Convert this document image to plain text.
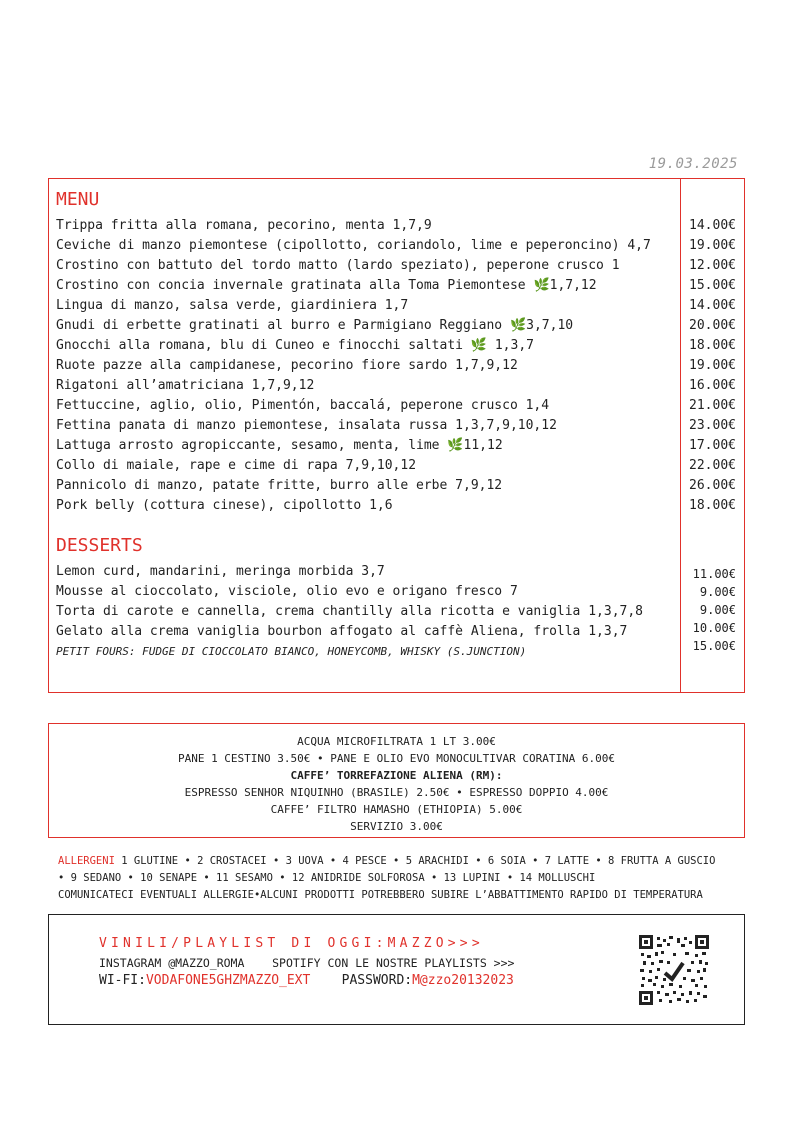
19.03.2025
MENU
Trippa fritta alla romana, pecorino, menta 1,7,9
Ceviche di manzo piemontese (cipollotto, coriandolo, lime e peperoncino) 4,7
Crostino con battuto del tordo matto (lardo speziato), peperone crusco 1
Crostino con concia invernale gratinata alla Toma Piemontese 🌿1,7,12
Lingua di manzo, salsa verde, giardiniera 1,7
Gnudi di erbette gratinati al burro e Parmigiano Reggiano 🌿3,7,10
Gnocchi alla romana, blu di Cuneo e finocchi saltati 🌿 1,3,7
Ruote pazze alla campidanese, pecorino fiore sardo 1,7,9,12
Rigatoni all’amatriciana 1,7,9,12
Fettuccine, aglio, olio, Pimentón, baccalá, peperone crusco 1,4
Fettina panata di manzo piemontese, insalata russa 1,3,7,9,10,12
Lattuga arrosto agropiccante, sesamo, menta, lime 🌿11,12
Collo di maiale, rape e cime di rapa 7,9,10,12
Pannicolo di manzo, patate fritte, burro alle erbe 7,9,12
Pork belly (cottura cinese), cipollotto 1,6
14.00€
19.00€
12.00€
15.00€
14.00€
20.00€
18.00€
19.00€
16.00€
21.00€
23.00€
17.00€
22.00€
26.00€
18.00€
DESSERTS
Lemon curd, mandarini, meringa morbida 3,7
Mousse al cioccolato, visciole, olio evo e origano fresco 7
Torta di carote e cannella, crema chantilly alla ricotta e vaniglia 1,3,7,8
Gelato alla crema vaniglia bourbon affogato al caffè Aliena, frolla 1,3,7
PETIT FOURS: FUDGE DI CIOCCOLATO BIANCO, HONEYCOMB, WHISKY (S.JUNCTION)
11.00€
9.00€
9.00€
10.00€
15.00€
ACQUA MICROFILTRATA 1 LT 3.00€
PANE 1 CESTINO 3.50€ • PANE E OLIO EVO MONOCULTIVAR CORATINA 6.00€
CAFFE’ TORREFAZIONE ALIENA (RM):
ESPRESSO SENHOR NIQUINHO (BRASILE) 2.50€ • ESPRESSO DOPPIO 4.00€
CAFFE’ FILTRO HAMASHO (ETHIOPIA) 5.00€
SERVIZIO 3.00€
ALLERGENI 1 GLUTINE • 2 CROSTACEI • 3 UOVA • 4 PESCE • 5 ARACHIDI • 6 SOIA • 7 LATTE • 8 FRUTTA A GUSCIO
• 9 SEDANO • 10 SENAPE • 11 SESAMO • 12 ANIDRIDE SOLFOROSA • 13 LUPINI • 14 MOLLUSCHI
COMUNICATECI EVENTUALI ALLERGIE•ALCUNI PRODOTTI POTREBBERO SUBIRE L’ABBATTIMENTO RAPIDO DI TEMPERATURA
VINILI/PLAYLIST DI OGGI:MAZZO>>>
INSTAGRAM @MAZZO_ROMA SPOTIFY CON LE NOSTRE PLAYLISTS >>>
WI-FI:VODAFONE5GHZMAZZO_EXT PASSWORD:M@zzo20132023
